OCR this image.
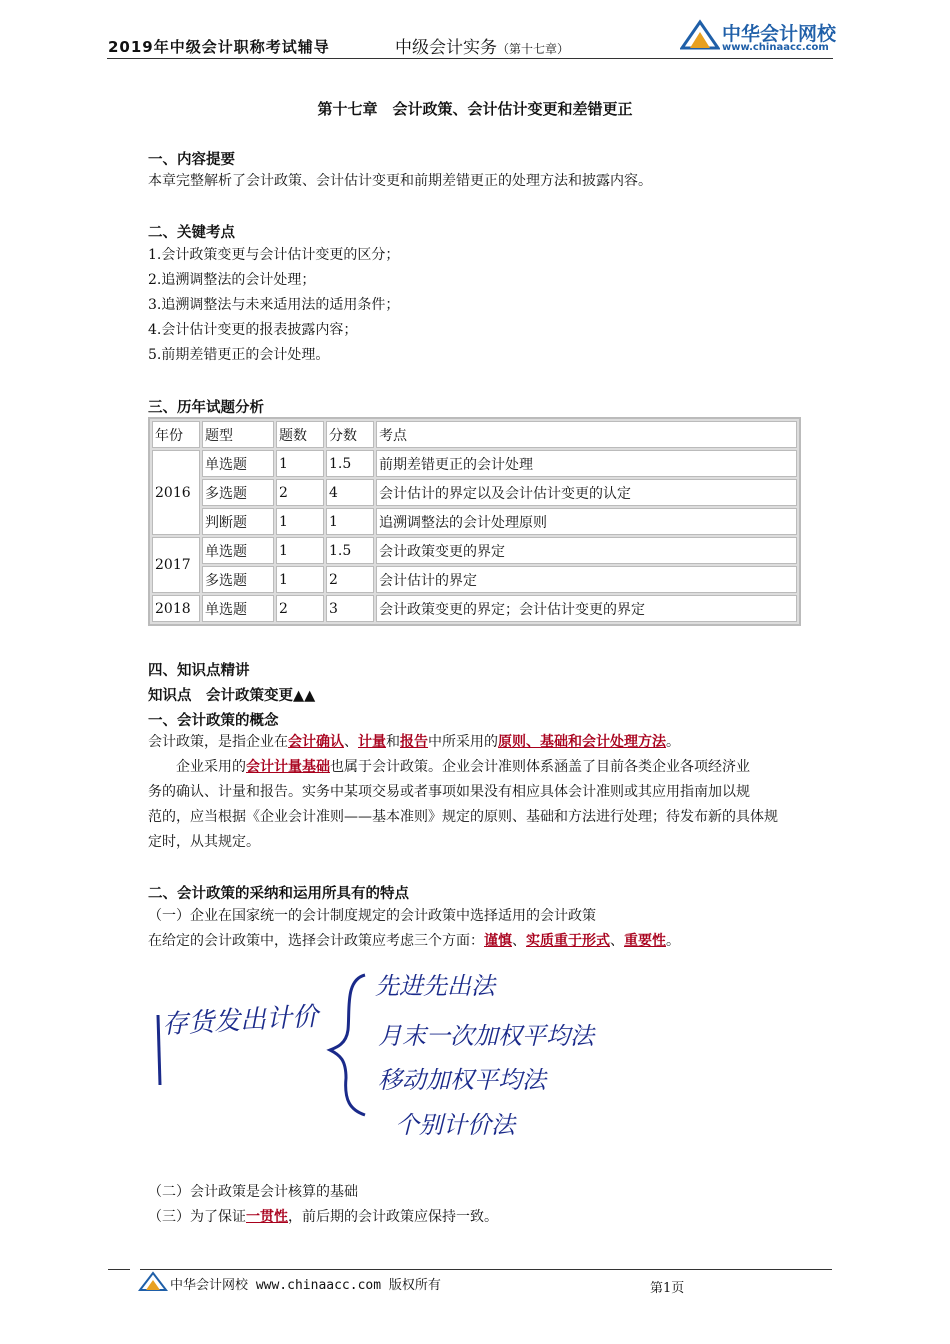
2019年中级会计职称考试辅导	中级会计实务（第十七章）
中华会计网校
www.chinaacc.com
第十七章　会计政策、会计估计变更和差错更正
一、内容提要
本章完整解析了会计政策、会计估计变更和前期差错更正的处理方法和披露内容。
二、关键考点
1.会计政策变更与会计估计变更的区分；
2.追溯调整法的会计处理；
3.追溯调整法与未来适用法的适用条件；
4.会计估计变更的报表披露内容；
5.前期差错更正的会计处理。
三、历年试题分析
年份	题型	题数	分数	考点
2016	单选题	1	1.5	前期差错更正的会计处理
	多选题	2	4	会计估计的界定以及会计估计变更的认定
	判断题	1	1	追溯调整法的会计处理原则
2017	单选题	1	1.5	会计政策变更的界定
	多选题	1	2	会计估计的界定
2018	单选题	2	3	会计政策变更的界定；会计估计变更的界定
四、知识点精讲
知识点　会计政策变更▲▲
一、会计政策的概念
会计政策，是指企业在会计确认、计量和报告中所采用的原则、基础和会计处理方法。
企业采用的会计计量基础也属于会计政策。企业会计准则体系涵盖了目前各类企业各项经济业
务的确认、计量和报告。实务中某项交易或者事项如果没有相应具体会计准则或其应用指南加以规
范的，应当根据《企业会计准则——基本准则》规定的原则、基础和方法进行处理；待发布新的具体规
定时，从其规定。
二、会计政策的采纳和运用所具有的特点
（一）企业在国家统一的会计制度规定的会计政策中选择适用的会计政策
在给定的会计政策中，选择会计政策应考虑三个方面：谨慎、实质重于形式、重要性。
存货发出计价
先进先出法
月末一次加权平均法
移动加权平均法
个别计价法
（二）会计政策是会计核算的基础
（三）为了保证一贯性，前后期的会计政策应保持一致。
中华会计网校 www.chinaacc.com 版权所有	第1页
